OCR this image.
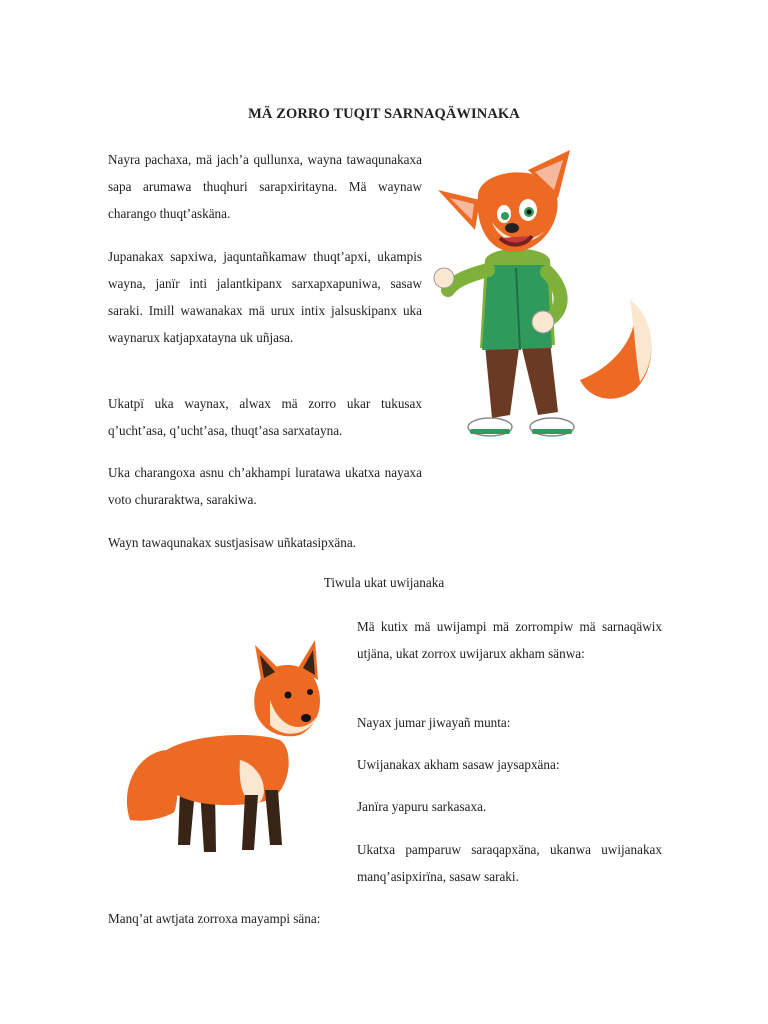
MÄ ZORRO TUQIT SARNAQÄWINAKA

Nayra pachaxa, mä jach’a qullunxa, wayna tawaqunakaxa sapa arumawa thuqhuri sarapxiritayna. Mä waynaw charango thuqt’askäna.

Jupanakax sapxiwa, jaquntañkamaw thuqt’apxi, ukampis wayna, janïr inti jalantkipanx sarxapxapuniwa, sasaw saraki. Imill wawanakax mä urux intix jalsuskipanx uka waynarux katjapxatayna uk uñjasa.

Ukatpï uka waynax, alwax mä zorro ukar tukusax q’ucht’asa, q’ucht’asa, thuqt’asa sarxatayna.

Uka charangoxa asnu ch’akhampi luratawa ukatxa nayaxa voto churaraktwa, sarakiwa.

Wayn tawaqunakax sustjasisaw uñkatasipxäna.

Tiwula ukat uwijanaka

Mä kutix mä uwijampi mä zorrompiw mä sarnaqäwix utjäna, ukat zorrox uwijarux akham sänwa:

Nayax jumar jiwayañ munta:

Uwijanakax akham sasaw jaysapxäna:

Janïra yapuru sarkasaxa.

Ukatxa pamparuw saraqapxäna, ukanwa uwijanakax manq’asipxirïna, sasaw saraki.

Manq’at awtjata zorroxa mayampi säna:
